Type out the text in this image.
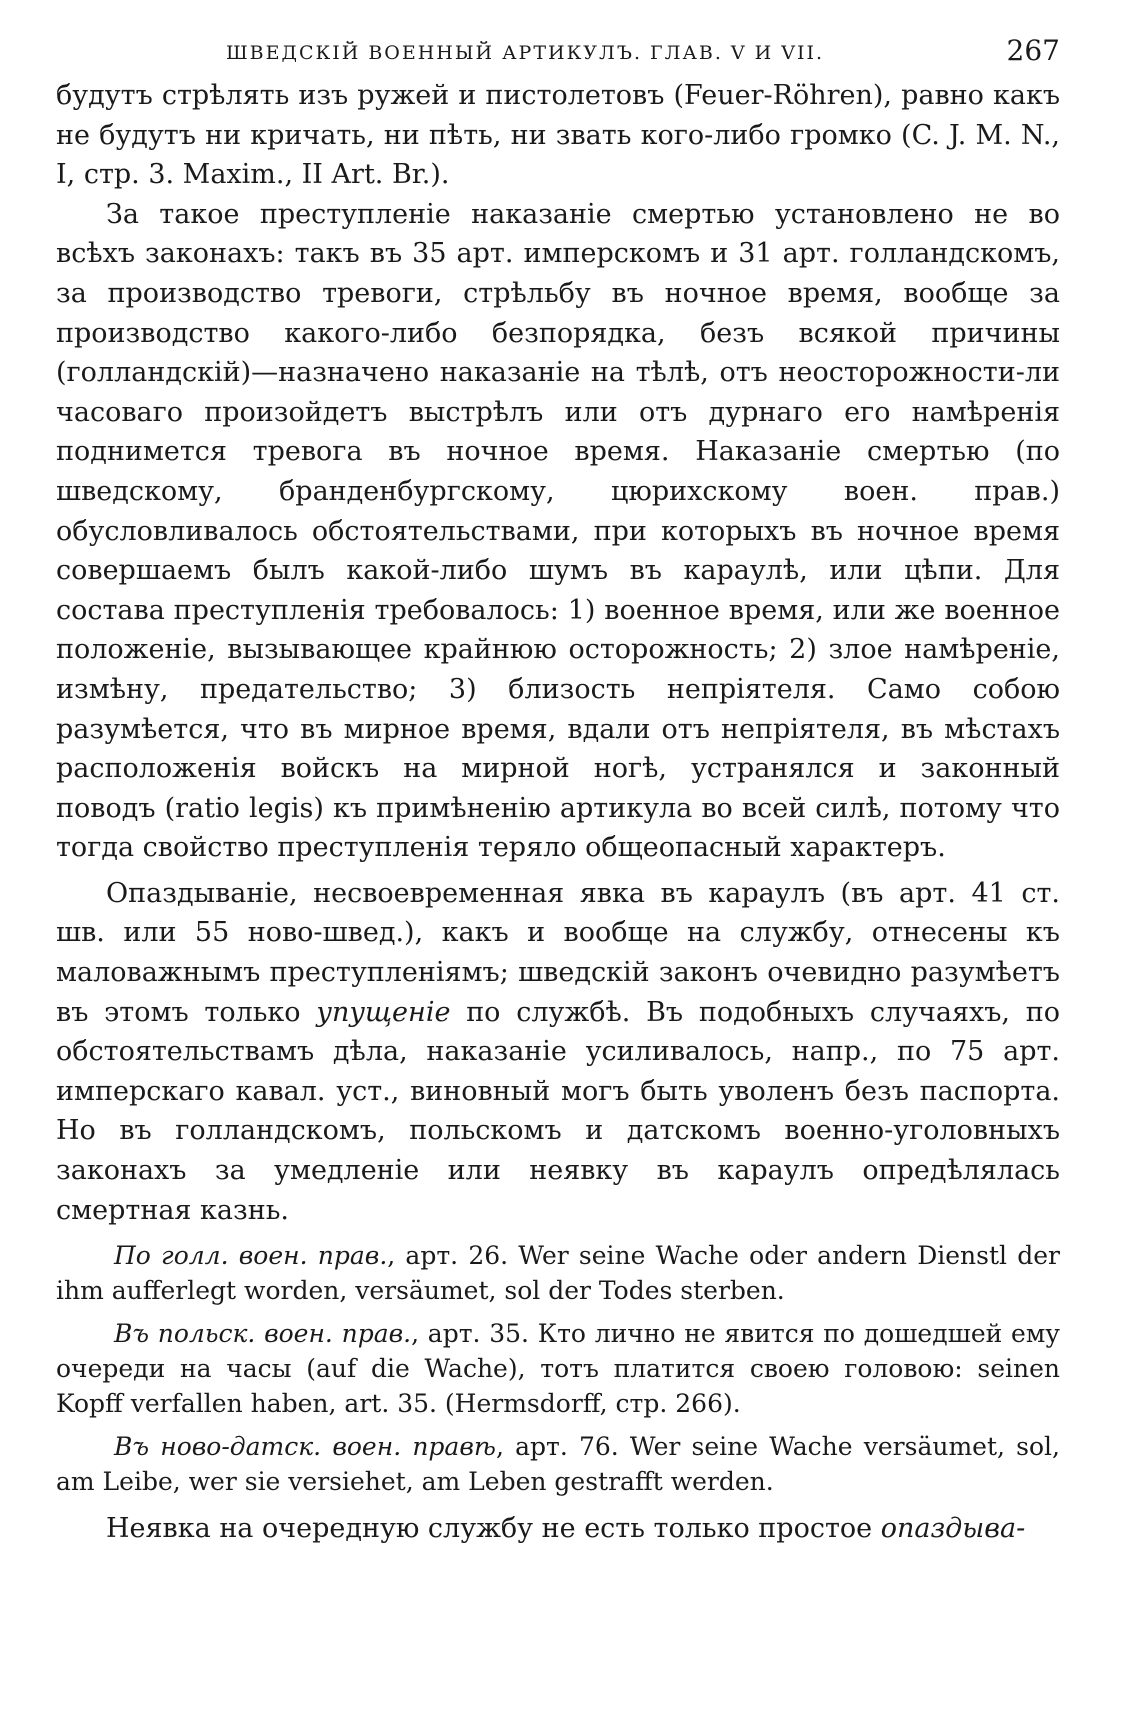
ШВЕДСКІЙ ВОЕННЫЙ АРТИКУЛЪ. ГЛАВ. V И VII.	267

будутъ стрѣлять изъ ружей и пистолетовъ (Feuer-Röhren), равно какъ не будутъ ни кричать, ни пѣть, ни звать кого-либо громко (C. J. M. N., I, стр. 3. Maxim., II Art. Br.).

За такое преступленіе наказаніе смертью установлено не во всѣхъ законахъ: такъ въ 35 арт. имперскомъ и 31 арт. голландскомъ, за производство тревоги, стрѣльбу въ ночное время, вообще за производство какого-либо безпорядка, безъ всякой причины (голландскій)—назначено наказаніе на тѣлѣ, отъ неосторожности-ли часоваго произойдетъ выстрѣлъ или отъ дурнаго его намѣренія поднимется тревога въ ночное время. Наказаніе смертью (по шведскому, бранденбургскому, цюрихскому воен. прав.) обусловливалось обстоятельствами, при которыхъ въ ночное время совершаемъ былъ какой-либо шумъ въ караулѣ, или цѣпи. Для состава преступленія требовалось: 1) военное время, или же военное положеніе, вызывающее крайнюю осторожность; 2) злое намѣреніе, измѣну, предательство; 3) близость непріятеля. Само собою разумѣется, что въ мирное время, вдали отъ непріятеля, въ мѣстахъ расположенія войскъ на мирной ногѣ, устранялся и законный поводъ (ratio legis) къ примѣненію артикула во всей силѣ, потому что тогда свойство преступленія теряло общеопасный характеръ.

Опаздываніе, несвоевременная явка въ караулъ (въ арт. 41 ст. шв. или 55 ново-швед.), какъ и вообще на службу, отнесены къ маловажнымъ преступленіямъ; шведскій законъ очевидно разумѣетъ въ этомъ только упущеніе по службѣ. Въ подобныхъ случаяхъ, по обстоятельствамъ дѣла, наказаніе усиливалось, напр., по 75 арт. имперскаго кавал. уст., виновный могъ быть уволенъ безъ паспорта. Но въ голландскомъ, польскомъ и датскомъ военно-уголовныхъ законахъ за умедленіе или неявку въ караулъ опредѣлялась смертная казнь.

По голл. воен. прав., арт. 26. Wer seine Wache oder andern Dienstl der ihm aufferlegt worden, versäumet, sol der Todes sterben.

Въ польск. воен. прав., арт. 35. Кто лично не явится по дошедшей ему очереди на часы (auf die Wache), тотъ платится своею головою: seinen Kopff verfallen haben, art. 35. (Hermsdorff, стр. 266).

Въ ново-датск. воен. правѣ, арт. 76. Wer seine Wache versäumet, sol, am Leibe, wer sie versiehet, am Leben gestrafft werden.

Неявка на очередную службу не есть только простое опаздыва-
